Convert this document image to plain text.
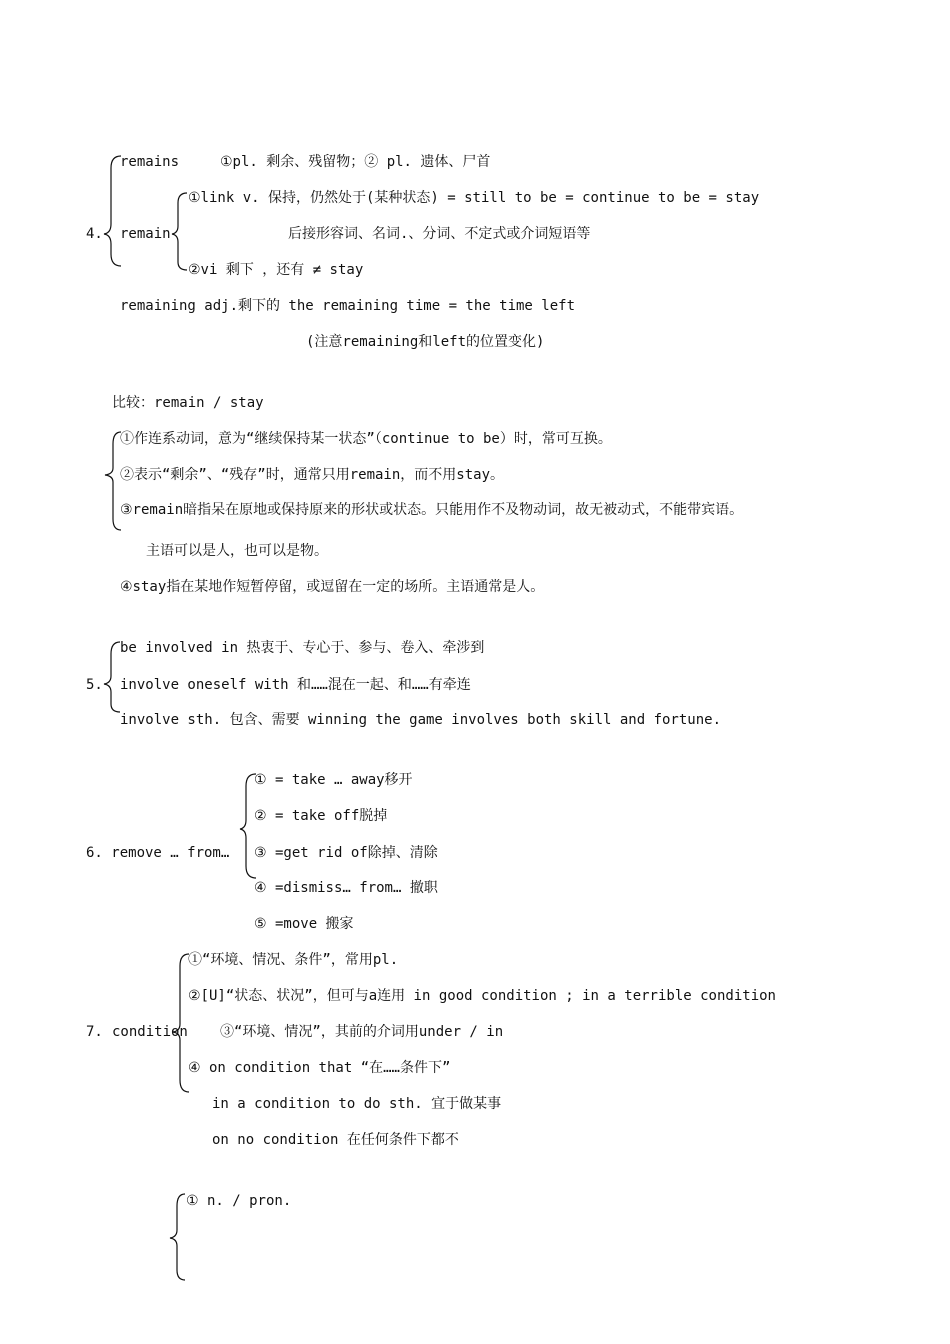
4.
remains	①pl. 剩余、残留物；② pl. 遗体、尸首
remain
①link v. 保持，仍然处于(某种状态) = still to be = continue to be = stay
后接形容词、名词.、分词、不定式或介词短语等
②vi 剩下 ，还有 ≠ stay
remaining adj.剩下的 the remaining time = the time left
(注意remaining和left的位置变化)
比较：remain / stay
①作连系动词，意为“继续保持某一状态”（continue to be）时，常可互换。
②表示“剩余”、“残存”时，通常只用remain，而不用stay。
③remain暗指呆在原地或保持原来的形状或状态。只能用作不及物动词，故无被动式，不能带宾语。
主语可以是人，也可以是物。
④stay指在某地作短暂停留，或逗留在一定的场所。主语通常是人。
5.
be involved in 热衷于、专心于、参与、卷入、牵涉到
involve oneself with 和……混在一起、和……有牵连
involve sth. 包含、需要 winning the game involves both skill and fortune.
6. remove … from…
① = take … away移开
② = take off脱掉
③ =get rid of除掉、清除
④ =dismiss… from… 撤职
⑤ =move 搬家
7. condition
①“环境、情况、条件”，常用pl.
②[U]“状态、状况”，但可与a连用 in good condition ; in a terrible condition
③“环境、情况”，其前的介词用under / in
④ on condition that “在……条件下”
in a condition to do sth. 宜于做某事
on no condition 在任何条件下都不
① n. / pron.
